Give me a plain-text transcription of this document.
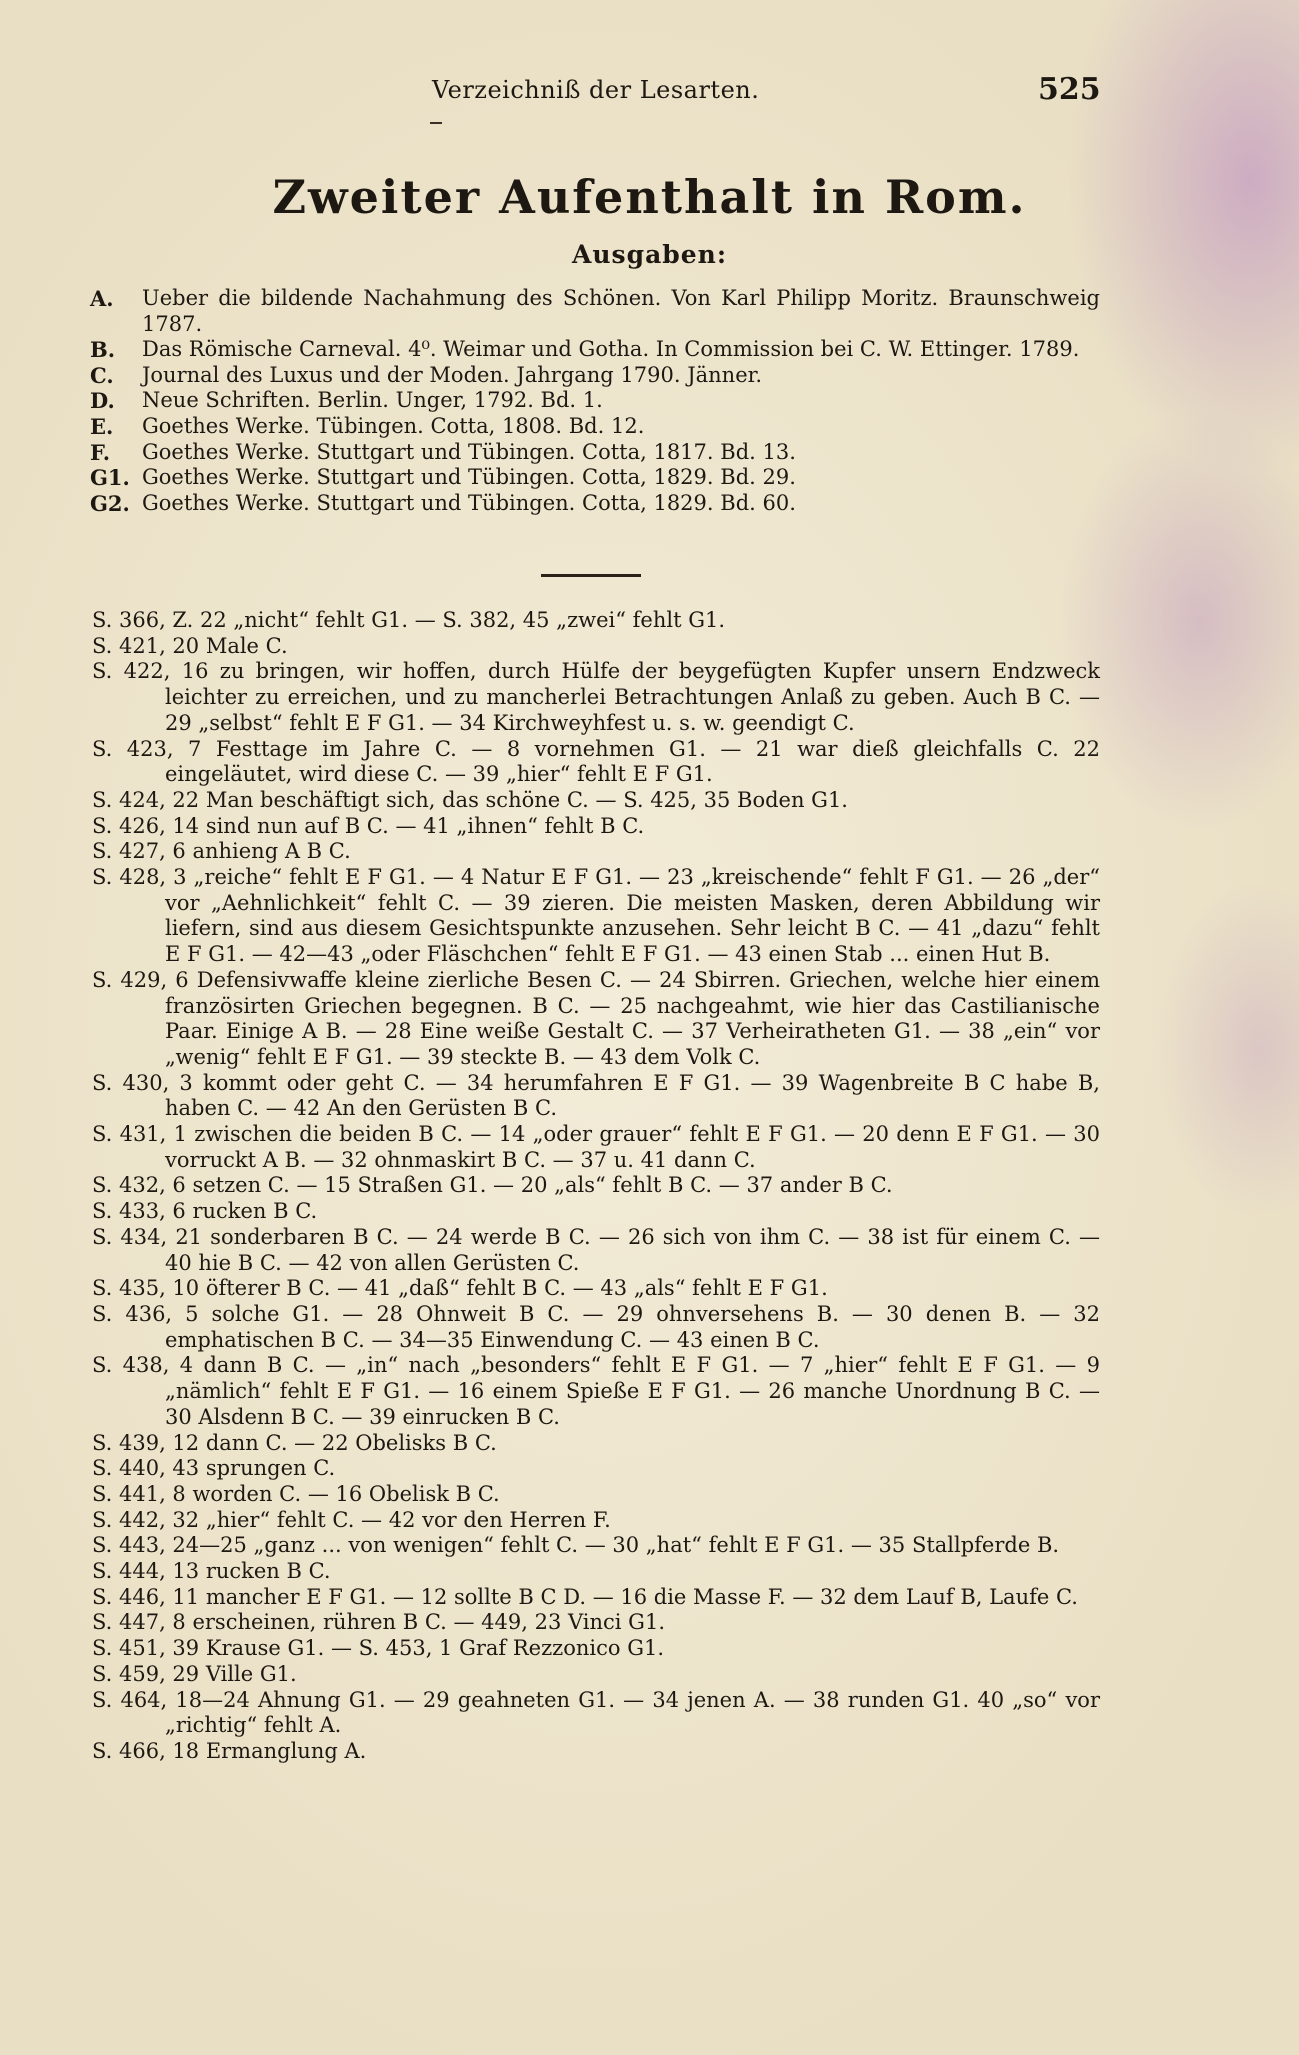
Verzeichniß der Lesarten.	525
Zweiter Aufenthalt in Rom.
Ausgaben:
A.	Ueber die bildende Nachahmung des Schönen. Von Karl Philipp Moritz. Braunschweig 1787.
B.	Das Römische Carneval. 4⁰. Weimar und Gotha. In Commission bei C. W. Ettinger. 1789.
C.	Journal des Luxus und der Moden. Jahrgang 1790. Jänner.
D.	Neue Schriften. Berlin. Unger, 1792. Bd. 1.
E.	Goethes Werke. Tübingen. Cotta, 1808. Bd. 12.
F.	Goethes Werke. Stuttgart und Tübingen. Cotta, 1817. Bd. 13.
G1. Goethes Werke. Stuttgart und Tübingen. Cotta, 1829. Bd. 29.
G2. Goethes Werke. Stuttgart und Tübingen. Cotta, 1829. Bd. 60.
S. 366, Z. 22 „nicht“ fehlt G1. — S. 382, 45 „zwei“ fehlt G1.
S. 421, 20 Male C.
S. 422, 16 zu bringen, wir hoffen, durch Hülfe der beygefügten Kupfer unsern Endzweck leichter zu erreichen, und zu mancherlei Betrachtungen Anlaß zu geben. Auch B C. — 29 „selbst“ fehlt E F G1. — 34 Kirchweyhfest u. s. w. geendigt C.
S. 423, 7 Festtage im Jahre C. — 8 vornehmen G1. — 21 war dieß gleichfalls C. 22 eingeläutet, wird diese C. — 39 „hier“ fehlt E F G1.
S. 424, 22 Man beschäftigt sich, das schöne C. — S. 425, 35 Boden G1.
S. 426, 14 sind nun auf B C. — 41 „ihnen“ fehlt B C.
S. 427, 6 anhieng A B C.
S. 428, 3 „reiche“ fehlt E F G1. — 4 Natur E F G1. — 23 „kreischende“ fehlt F G1. — 26 „der“ vor „Aehnlichkeit“ fehlt C. — 39 zieren. Die meisten Masken, deren Abbildung wir liefern, sind aus diesem Gesichtspunkte anzusehen. Sehr leicht B C. — 41 „dazu“ fehlt E F G1. — 42—43 „oder Fläschchen“ fehlt E F G1. — 43 einen Stab ... einen Hut B.
S. 429, 6 Defensivwaffe kleine zierliche Besen C. — 24 Sbirren. Griechen, welche hier einem französirten Griechen begegnen. B C. — 25 nachgeahmt, wie hier das Castilianische Paar. Einige A B. — 28 Eine weiße Gestalt C. — 37 Verheiratheten G1. — 38 „ein“ vor „wenig“ fehlt E F G1. — 39 steckte B. — 43 dem Volk C.
S. 430, 3 kommt oder geht C. — 34 herumfahren E F G1. — 39 Wagenbreite B C habe B, haben C. — 42 An den Gerüsten B C.
S. 431, 1 zwischen die beiden B C. — 14 „oder grauer“ fehlt E F G1. — 20 denn E F G1. — 30 vorruckt A B. — 32 ohnmaskirt B C. — 37 u. 41 dann C.
S. 432, 6 setzen C. — 15 Straßen G1. — 20 „als“ fehlt B C. — 37 ander B C.
S. 433, 6 rucken B C.
S. 434, 21 sonderbaren B C. — 24 werde B C. — 26 sich von ihm C. — 38 ist für einem C. — 40 hie B C. — 42 von allen Gerüsten C.
S. 435, 10 öfterer B C. — 41 „daß“ fehlt B C. — 43 „als“ fehlt E F G1.
S. 436, 5 solche G1. — 28 Ohnweit B C. — 29 ohnversehens B. — 30 denen B. — 32 emphatischen B C. — 34—35 Einwendung C. — 43 einen B C.
S. 438, 4 dann B C. — „in“ nach „besonders“ fehlt E F G1. — 7 „hier“ fehlt E F G1. — 9 „nämlich“ fehlt E F G1. — 16 einem Spieße E F G1. — 26 manche Unordnung B C. — 30 Alsdenn B C. — 39 einrucken B C.
S. 439, 12 dann C. — 22 Obelisks B C.
S. 440, 43 sprungen C.
S. 441, 8 worden C. — 16 Obelisk B C.
S. 442, 32 „hier“ fehlt C. — 42 vor den Herren F.
S. 443, 24—25 „ganz ... von wenigen“ fehlt C. — 30 „hat“ fehlt E F G1. — 35 Stallpferde B.
S. 444, 13 rucken B C.
S. 446, 11 mancher E F G1. — 12 sollte B C D. — 16 die Masse F. — 32 dem Lauf B, Laufe C.
S. 447, 8 erscheinen, rühren B C. — 449, 23 Vinci G1.
S. 451, 39 Krause G1. — S. 453, 1 Graf Rezzonico G1.
S. 459, 29 Ville G1.
S. 464, 18—24 Ahnung G1. — 29 geahneten G1. — 34 jenen A. — 38 runden G1. 40 „so“ vor „richtig“ fehlt A.
S. 466, 18 Ermanglung A.
